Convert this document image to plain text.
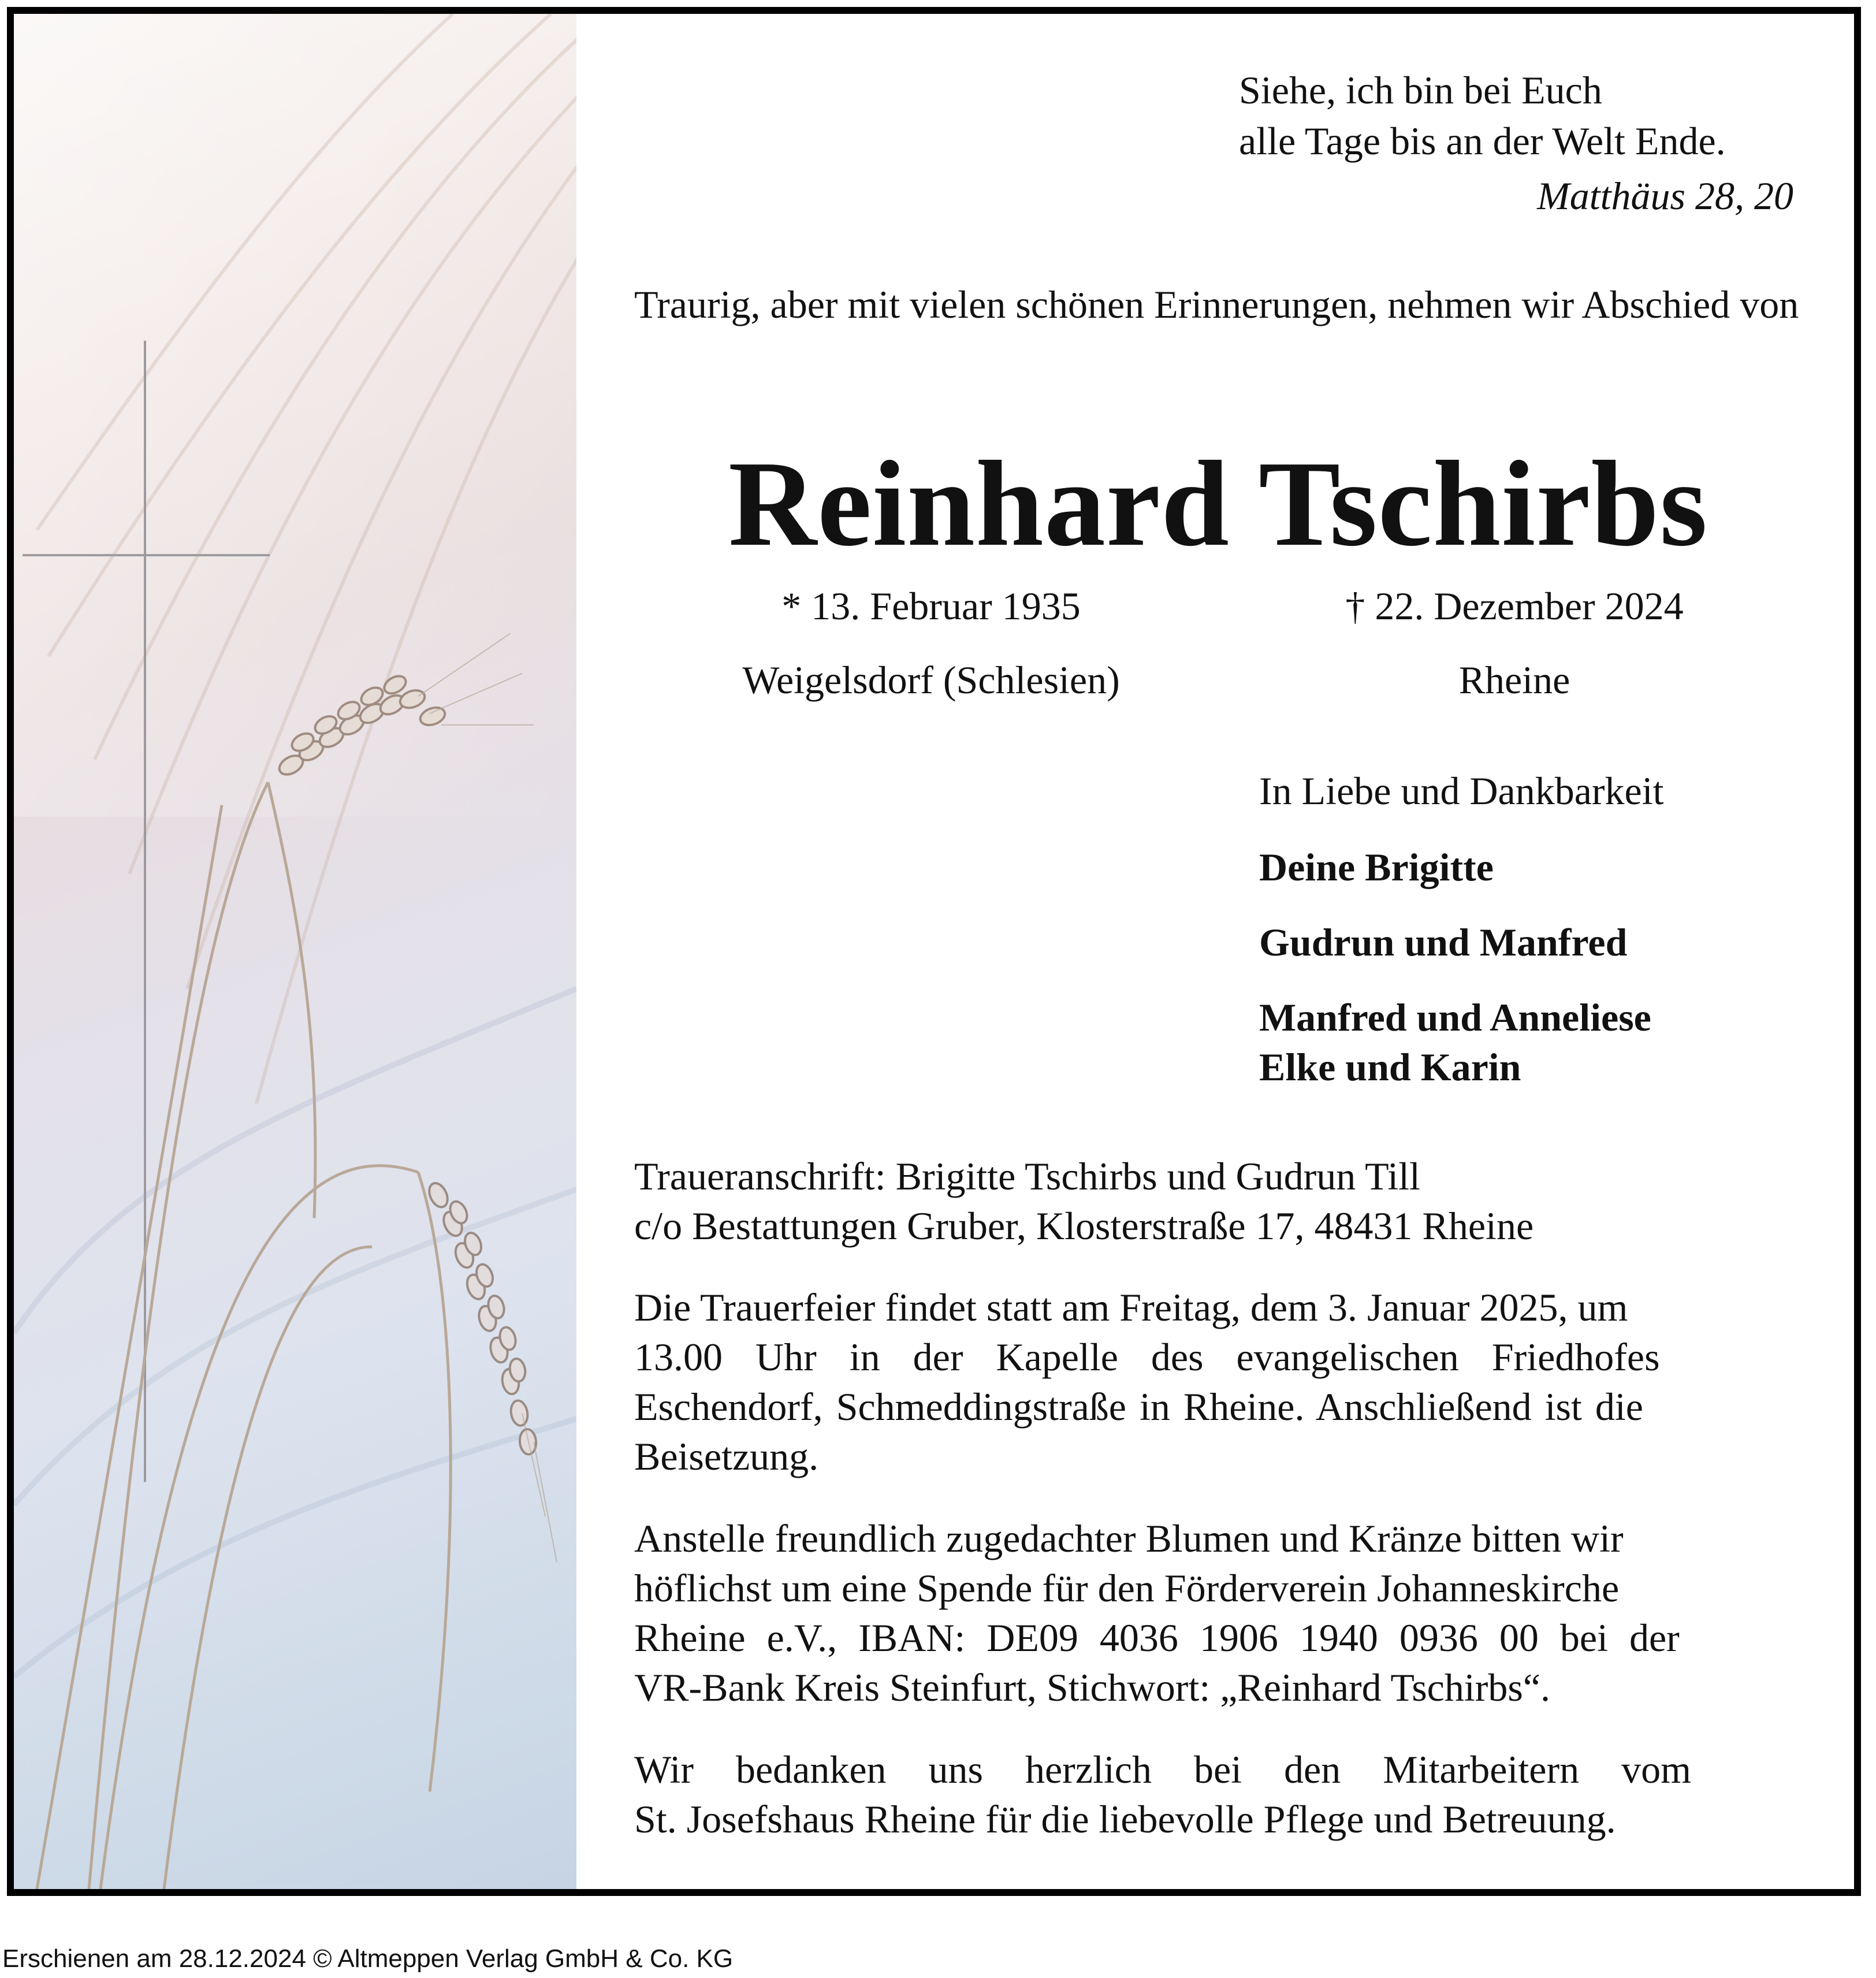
Siehe, ich bin bei Euch
alle Tage bis an der Welt Ende.
Matthäus 28, 20
Traurig, aber mit vielen schönen Erinnerungen, nehmen wir Abschied von
Reinhard Tschirbs
* 13. Februar 1935	† 22. Dezember 2024
Weigelsdorf (Schlesien)	Rheine
In Liebe und Dankbarkeit
Deine Brigitte
Gudrun und Manfred
Manfred und Anneliese
Elke und Karin
Traueranschrift: Brigitte Tschirbs und Gudrun Till
c/o Bestattungen Gruber, Klosterstraße 17, 48431 Rheine
Die Trauerfeier findet statt am Freitag, dem 3. Januar 2025, um
13.00 Uhr in der Kapelle des evangelischen Friedhofes
Eschendorf, Schmeddingstraße in Rheine. Anschließend ist die
Beisetzung.
Anstelle freundlich zugedachter Blumen und Kränze bitten wir
höflichst um eine Spende für den Förderverein Johanneskirche
Rheine e.V., IBAN: DE09 4036 1906 1940 0936 00 bei der
VR-Bank Kreis Steinfurt, Stichwort: „Reinhard Tschirbs“.
Wir bedanken uns herzlich bei den Mitarbeitern vom
St. Josefshaus Rheine für die liebevolle Pflege und Betreuung.
Erschienen am 28.12.2024 © Altmeppen Verlag GmbH & Co. KG
